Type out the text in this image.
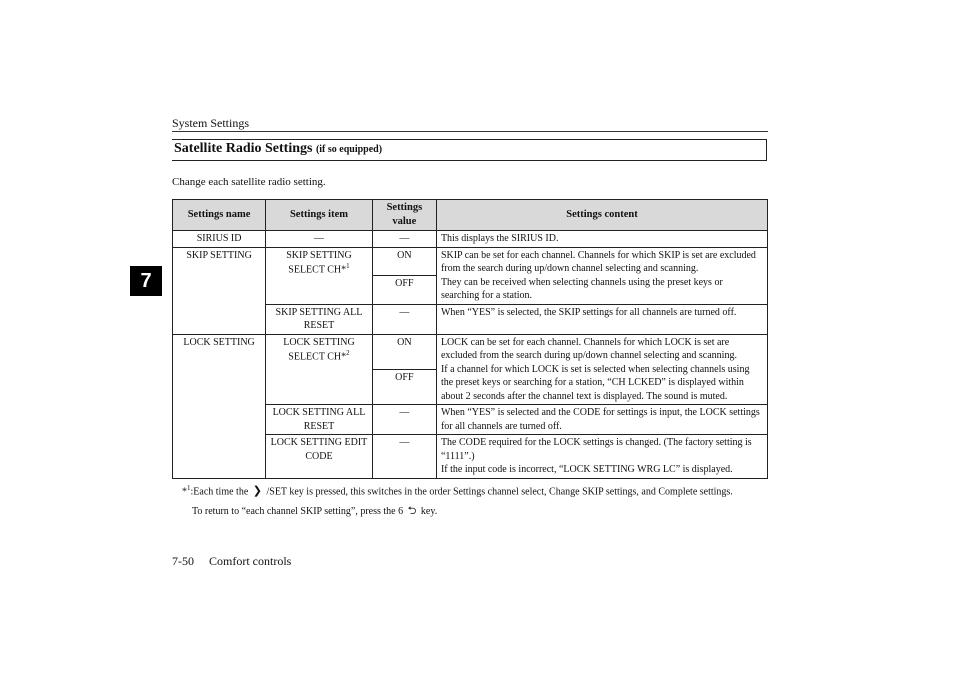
System Settings
7
Satellite Radio Settings (if so equipped)
Change each satellite radio setting.
Settings name	Settings item	Settings value	Settings content
SIRIUS ID	—	—	This displays the SIRIUS ID.
SKIP SETTING	SKIP SETTING SELECT CH*$^1$	ON	SKIP can be set for each channel. Channels for which SKIP is set are excluded from the search during up/down channel selecting and scanning.
They can be received when selecting channels using the preset keys or searching for a station.

		OFF	
	SKIP SETTING ALL RESET	—	When “YES” is selected, the SKIP settings for all channels are turned off.
LOCK SETTING	LOCK SETTING SELECT CH*$^2$	ON	LOCK can be set for each channel. Channels for which LOCK is set are excluded from the search during up/down channel selecting and scanning.
If a channel for which LOCK is set is selected when selecting channels using the preset keys or searching for a station, “CH LCKED” is displayed within about 2 seconds after the channel text is displayed. The sound is muted.

		OFF	
	LOCK SETTING ALL RESET	—	When “YES” is selected and the CODE for settings is input, the LOCK settings for all channels are turned off.
	LOCK SETTING EDIT CODE	—	The CODE required for the LOCK settings is changed. (The factory setting is “1111”.)
If the input code is incorrect, “LOCK SETTING WRG LC” is displayed.
*$^1$:Each time the ❯ /SET key is pressed, this switches in the order Settings channel select, Change SKIP settings, and Complete settings.
To return to “each channel SKIP setting”, press the 6 ⮌ key.
7-50 Comfort controls
